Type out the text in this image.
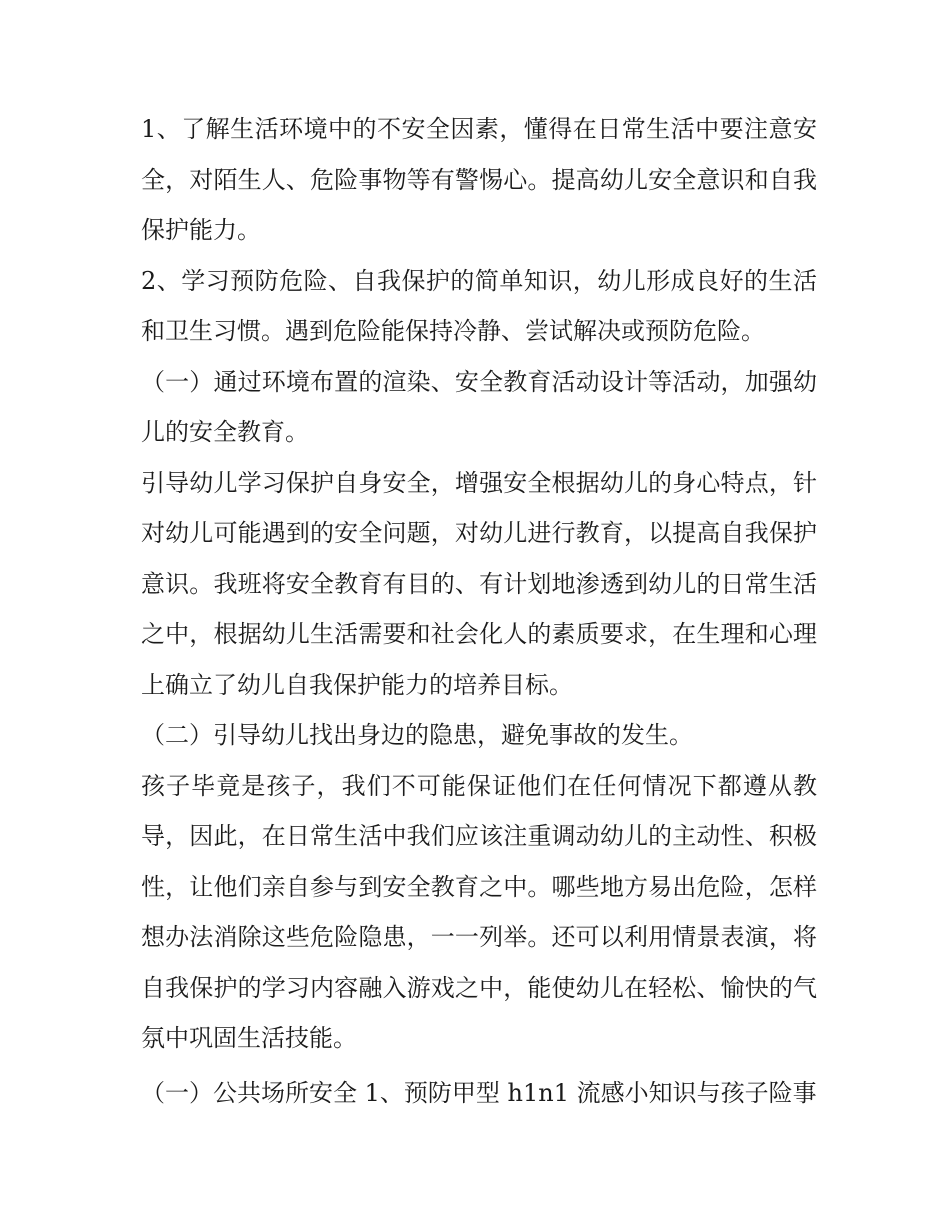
1、了解生活环境中的不安全因素，懂得在日常生活中要注意安全，对陌生人、危险事物等有警惕心。提高幼儿安全意识和自我保护能力。

2、学习预防危险、自我保护的简单知识，幼儿形成良好的生活和卫生习惯。遇到危险能保持冷静、尝试解决或预防危险。

（一）通过环境布置的渲染、安全教育活动设计等活动，加强幼儿的安全教育。

引导幼儿学习保护自身安全，增强安全根据幼儿的身心特点，针对幼儿可能遇到的安全问题，对幼儿进行教育，以提高自我保护意识。我班将安全教育有目的、有计划地渗透到幼儿的日常生活之中，根据幼儿生活需要和社会化人的素质要求，在生理和心理上确立了幼儿自我保护能力的培养目标。

（二）引导幼儿找出身边的隐患，避免事故的发生。

孩子毕竟是孩子，我们不可能保证他们在任何情况下都遵从教导，因此，在日常生活中我们应该注重调动幼儿的主动性、积极性，让他们亲自参与到安全教育之中。哪些地方易出危险，怎样想办法消除这些危险隐患，一一列举。还可以利用情景表演，将自我保护的学习内容融入游戏之中，能使幼儿在轻松、愉快的气氛中巩固生活技能。

（一）公共场所安全 1、预防甲型 h1n1 流感小知识与孩子险事
